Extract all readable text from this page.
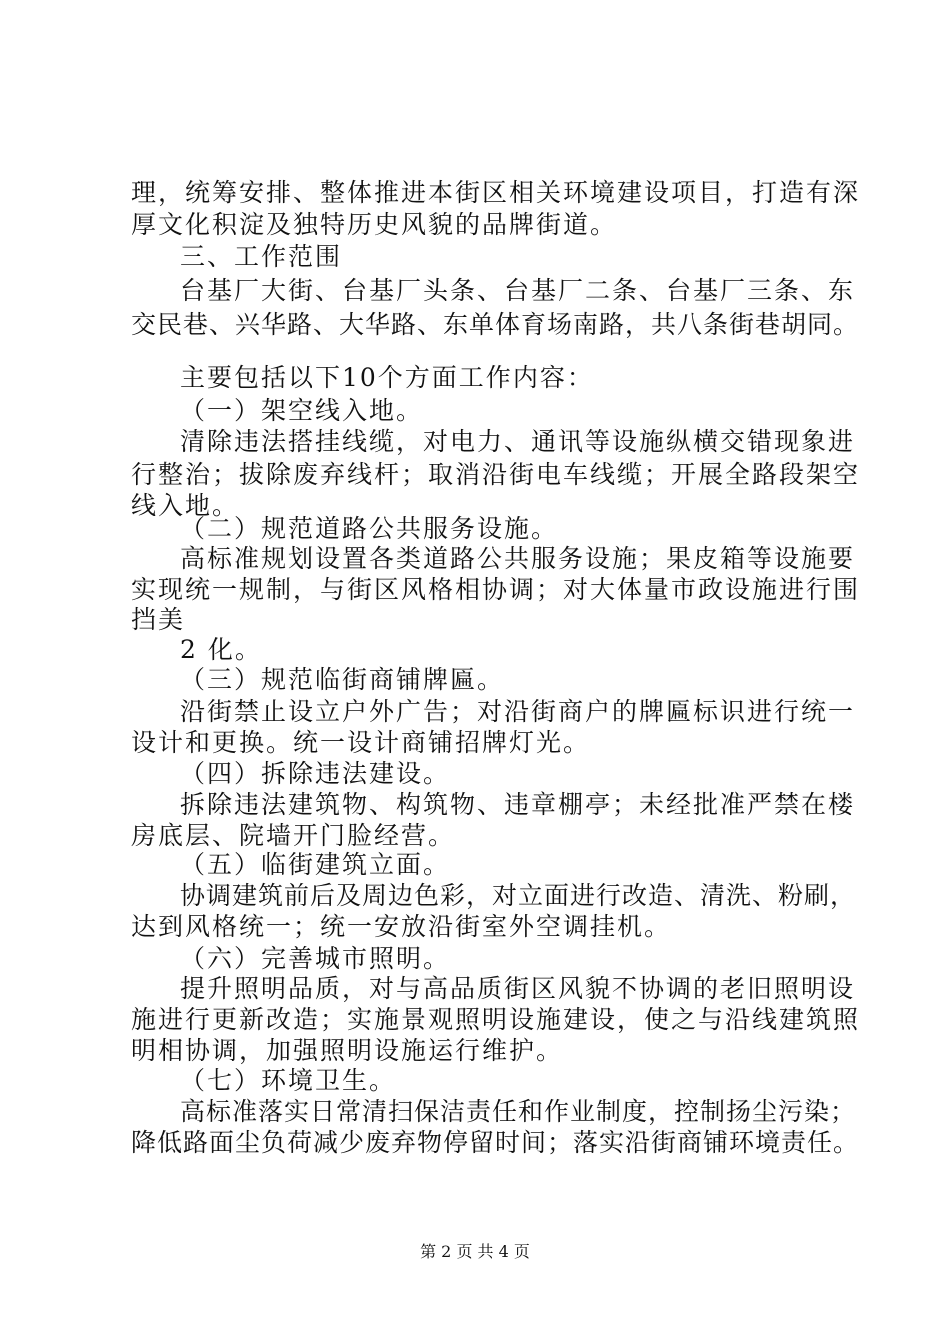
理，统筹安排、整体推进本街区相关环境建设项目，打造有深
厚文化积淀及独特历史风貌的品牌街道。
三、工作范围
台基厂大街、台基厂头条、台基厂二条、台基厂三条、东
交民巷、兴华路、大华路、东单体育场南路，共八条街巷胡同。
主要包括以下10个方面工作内容：
（一）架空线入地。
清除违法搭挂线缆，对电力、通讯等设施纵横交错现象进
行整治；拔除废弃线杆；取消沿街电车线缆；开展全路段架空
线入地。
（二）规范道路公共服务设施。
高标准规划设置各类道路公共服务设施；果皮箱等设施要
实现统一规制，与街区风格相协调；对大体量市政设施进行围
挡美
2 化。
（三）规范临街商铺牌匾。
沿街禁止设立户外广告；对沿街商户的牌匾标识进行统一
设计和更换。统一设计商铺招牌灯光。
（四）拆除违法建设。
拆除违法建筑物、构筑物、违章棚亭；未经批准严禁在楼
房底层、院墙开门脸经营。
（五）临街建筑立面。
协调建筑前后及周边色彩，对立面进行改造、清洗、粉刷，
达到风格统一；统一安放沿街室外空调挂机。
（六）完善城市照明。
提升照明品质，对与高品质街区风貌不协调的老旧照明设
施进行更新改造；实施景观照明设施建设，使之与沿线建筑照
明相协调，加强照明设施运行维护。
（七）环境卫生。
高标准落实日常清扫保洁责任和作业制度，控制扬尘污染；
降低路面尘负荷减少废弃物停留时间；落实沿街商铺环境责任。
第 2 页 共 4 页
